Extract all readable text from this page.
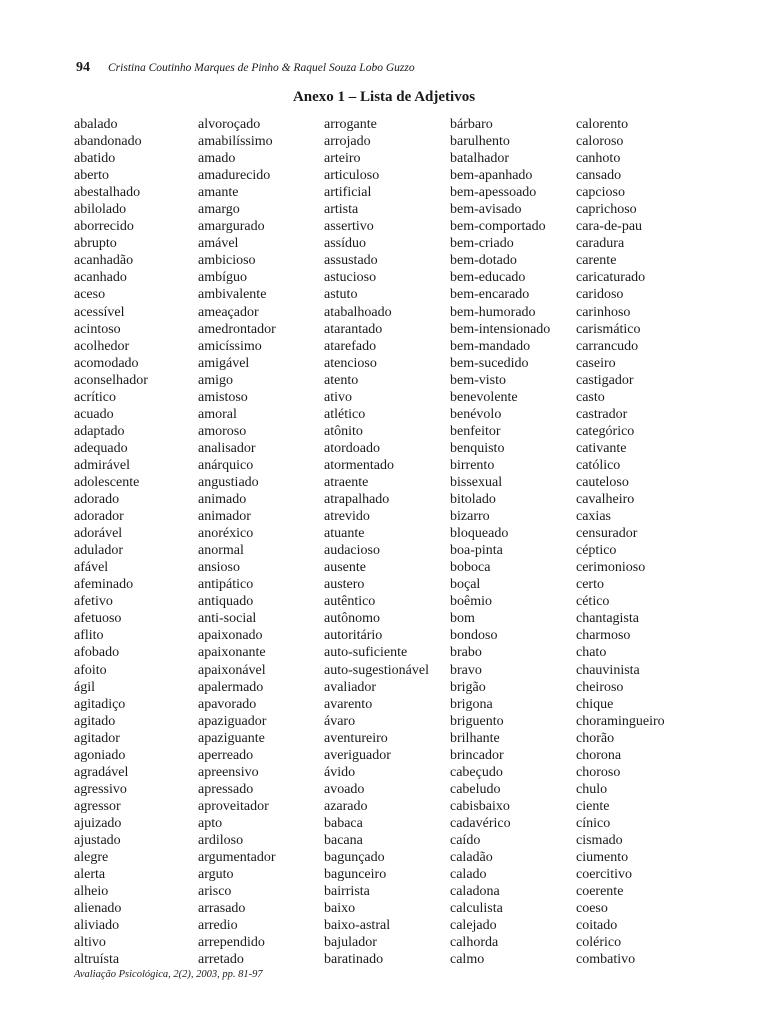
94 Cristina Coutinho Marques de Pinho & Raquel Souza Lobo Guzzo
Anexo 1 – Lista de Adjetivos
abalado
abandonado
abatido
aberto
abestalhado
abilolado
aborrecido
abrupto
acanhadão
acanhado
aceso
acessível
acintoso
acolhedor
acomodado
aconselhador
acrítico
acuado
adaptado
adequado
admirável
adolescente
adorado
adorador
adorável
adulador
afável
afeminado
afetivo
afetuoso
aflito
afobado
afoito
ágil
agitadiço
agitado
agitador
agoniado
agradável
agressivo
agressor
ajuizado
ajustado
alegre
alerta
alheio
alienado
aliviado
altivo
altruísta
alvoroçado
amabilíssimo
amado
amadurecido
amante
amargo
amargurado
amável
ambicioso
ambíguo
ambivalente
ameaçador
amedrontador
amicíssimo
amigável
amigo
amistoso
amoral
amoroso
analisador
anárquico
angustiado
animado
animador
anoréxico
anormal
ansioso
antipático
antiquado
anti-social
apaixonado
apaixonante
apaixonável
apalermado
apavorado
apaziguador
apaziguante
aperreado
apreensivo
apressado
aproveitador
apto
ardiloso
argumentador
arguto
arisco
arrasado
arredio
arrependido
arretado
arrogante
arrojado
arteiro
articuloso
artificial
artista
assertivo
assíduo
assustado
astucioso
astuto
atabalhoado
atarantado
atarefado
atencioso
atento
ativo
atlético
atônito
atordoado
atormentado
atraente
atrapalhado
atrevido
atuante
audacioso
ausente
austero
autêntico
autônomo
autoritário
auto-suficiente
auto-sugestionável
avaliador
avarento
ávaro
aventureiro
averiguador
ávido
avoado
azarado
babaca
bacana
bagunçado
bagunceiro
bairrista
baixo
baixo-astral
bajulador
baratinado
bárbaro
barulhento
batalhador
bem-apanhado
bem-apessoado
bem-avisado
bem-comportado
bem-criado
bem-dotado
bem-educado
bem-encarado
bem-humorado
bem-intensionado
bem-mandado
bem-sucedido
bem-visto
benevolente
benévolo
benfeitor
benquisto
birrento
bissexual
bitolado
bizarro
bloqueado
boa-pinta
boboca
boçal
boêmio
bom
bondoso
brabo
bravo
brigão
brigona
briguento
brilhante
brincador
cabeçudo
cabeludo
cabisbaixo
cadavérico
caído
caladão
calado
caladona
calculista
calejado
calhorda
calmo
calorento
caloroso
canhoto
cansado
capcioso
caprichoso
cara-de-pau
caradura
carente
caricaturado
caridoso
carinhoso
carismático
carrancudo
caseiro
castigador
casto
castrador
categórico
cativante
católico
cauteloso
cavalheiro
caxias
censurador
céptico
cerimonioso
certo
cético
chantagista
charmoso
chato
chauvinista
cheiroso
chique
choramingueiro
chorão
chorona
choroso
chulo
ciente
cínico
cismado
ciumento
coercitivo
coerente
coeso
coitado
colérico
combativo
Avaliação Psicológica, 2(2), 2003, pp. 81-97
